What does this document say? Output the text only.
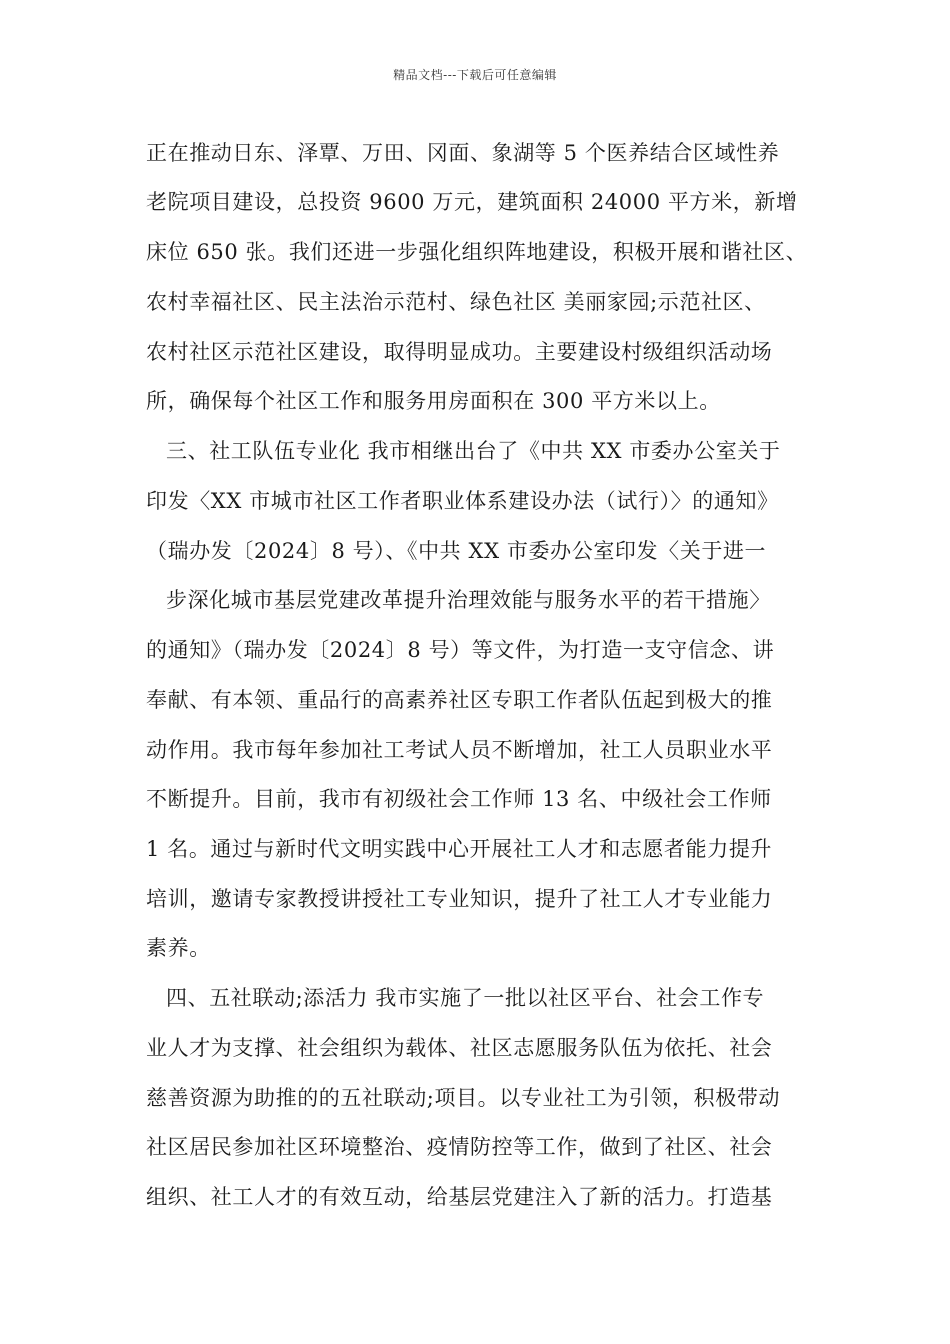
精品文档---下载后可任意编辑
正在推动日东、泽覃、万田、冈面、象湖等 5 个医养结合区域性养
老院项目建设，总投资 9600 万元，建筑面积 24000 平方米，新增
床位 650 张。我们还进一步强化组织阵地建设，积极开展和谐社区、
农村幸福社区、民主法治示范村、绿色社区 美丽家园;示范社区、
农村社区示范社区建设，取得明显成功。主要建设村级组织活动场
所，确保每个社区工作和服务用房面积在 300 平方米以上。
三、社工队伍专业化 我市相继出台了《中共 XX 市委办公室关于
印发〈XX 市城市社区工作者职业体系建设办法（试行）〉的通知》
（瑞办发〔2024〕8 号）、《中共 XX 市委办公室印发〈关于进一
步深化城市基层党建改革提升治理效能与服务水平的若干措施〉
的通知》（瑞办发〔2024〕8 号）等文件，为打造一支守信念、讲
奉献、有本领、重品行的高素养社区专职工作者队伍起到极大的推
动作用。我市每年参加社工考试人员不断增加，社工人员职业水平
不断提升。目前，我市有初级社会工作师 13 名、中级社会工作师
1 名。通过与新时代文明实践中心开展社工人才和志愿者能力提升
培训，邀请专家教授讲授社工专业知识，提升了社工人才专业能力
素养。
四、五社联动;添活力 我市实施了一批以社区平台、社会工作专
业人才为支撑、社会组织为载体、社区志愿服务队伍为依托、社会
慈善资源为助推的的五社联动;项目。以专业社工为引领，积极带动
社区居民参加社区环境整治、疫情防控等工作，做到了社区、社会
组织、社工人才的有效互动，给基层党建注入了新的活力。打造基
